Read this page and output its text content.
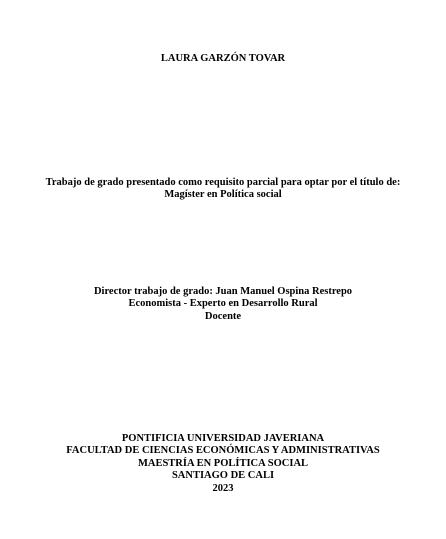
LAURA GARZÓN TOVAR
Trabajo de grado presentado como requisito parcial para optar por el título de:
Magíster en Política social
Director trabajo de grado: Juan Manuel Ospina Restrepo
Economista - Experto en Desarrollo Rural
Docente
PONTIFICIA UNIVERSIDAD JAVERIANA
FACULTAD DE CIENCIAS ECONÓMICAS Y ADMINISTRATIVAS
MAESTRÍA EN POLÍTICA SOCIAL
SANTIAGO DE CALI
2023
